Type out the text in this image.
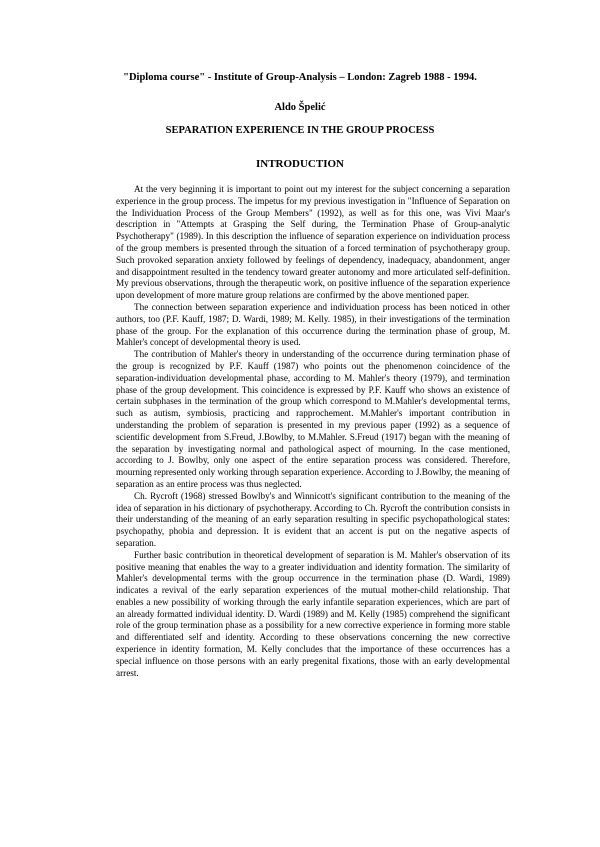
"Diploma course" - Institute of Group-Analysis – London: Zagreb 1988 - 1994.
Aldo Špelić
SEPARATION EXPERIENCE IN THE GROUP PROCESS
INTRODUCTION

At the very beginning it is important to point out my interest for the subject concerning a separation experience in the group process. The impetus for my previous investigation in "Influence of Separation on the Individuation Process of the Group Members" (1992), as well as for this one, was Vivi Maar's description in "Attempts at Grasping the Self during, the Termination Phase of Group-analytic Psychotherapy" (1989). In this description the influence of separation experience on individuation process of the group members is presented through the situation of a forced termination of psychotherapy group. Such provoked separation anxiety followed by feelings of dependency, inadequacy, abandonment, anger and disappointment resulted in the tendency toward greater autonomy and more articulated self-definition. My previous observations, through the therapeutic work, on positive influence of the separation experience upon development of more mature group relations are confirmed by the above mentioned paper.

The connection between separation experience and individuation process has been noticed in other authors, too (P.F. Kauff, 1987; D. Wardi, 1989; M. Kelly. 1985), in their investigations of the termination phase of the group. For the explanation of this occurrence during the termination phase of group, M. Mahler's concept of developmental theory is used.

The contribution of Mahler's theory in understanding of the occurrence during termination phase of the group is recognized by P.F. Kauff (1987) who points out the phenomenon coincidence of the separation-individuation developmental phase, according to M. Mahler's theory (1979), and termination phase of the group development. This coincidence is expressed by P.F. Kauff who shows an existence of certain subphases in the termination of the group which correspond to M.Mahler's developmental terms, such as autism, symbiosis, practicing and rapprochement. M.Mahler's important contribution in understanding the problem of separation is presented in my previous paper (1992) as a sequence of scientific development from S.Freud, J.Bowlby, to M.Mahler. S.Freud (1917) began with the meaning of the separation by investigating normal and pathological aspect of mourning. In the case mentioned, according to J. Bowlby, only one aspect of the entire separation process was considered. Therefore, mourning represented only working through separation experience. According to J.Bowlby, the meaning of separation as an entire process was thus neglected.

Ch. Rycroft (1968) stressed Bowlby's and Winnicott's significant contribution to the meaning of the idea of separation in his dictionary of psychotherapy. According to Ch. Rycroft the contribution consists in their understanding of the meaning of an early separation resulting in specific psychopathological states: psychopathy, phobia and depression. It is evident that an accent is put on the negative aspects of separation.

Further basic contribution in theoretical development of separation is M. Mahler's observation of its positive meaning that enables the way to a greater individuation and identity formation. The similarity of Mahler's developmental terms with the group occurrence in the termination phase (D. Wardi, 1989) indicates a revival of the early separation experiences of the mutual mother-child relationship. That enables a new possibility of working through the early infantile separation experiences, which are part of an already formatted individual identity. D. Wardi (1989) and M. Kelly (1985) comprehend the significant role of the group termination phase as a possibility for a new corrective experience in forming more stable and differentiated self and identity. According to these observations concerning the new corrective experience in identity formation, M. Kelly concludes that the importance of these occurrences has a special influence on those persons with an early pregenital fixations, those with an early developmental arrest.
